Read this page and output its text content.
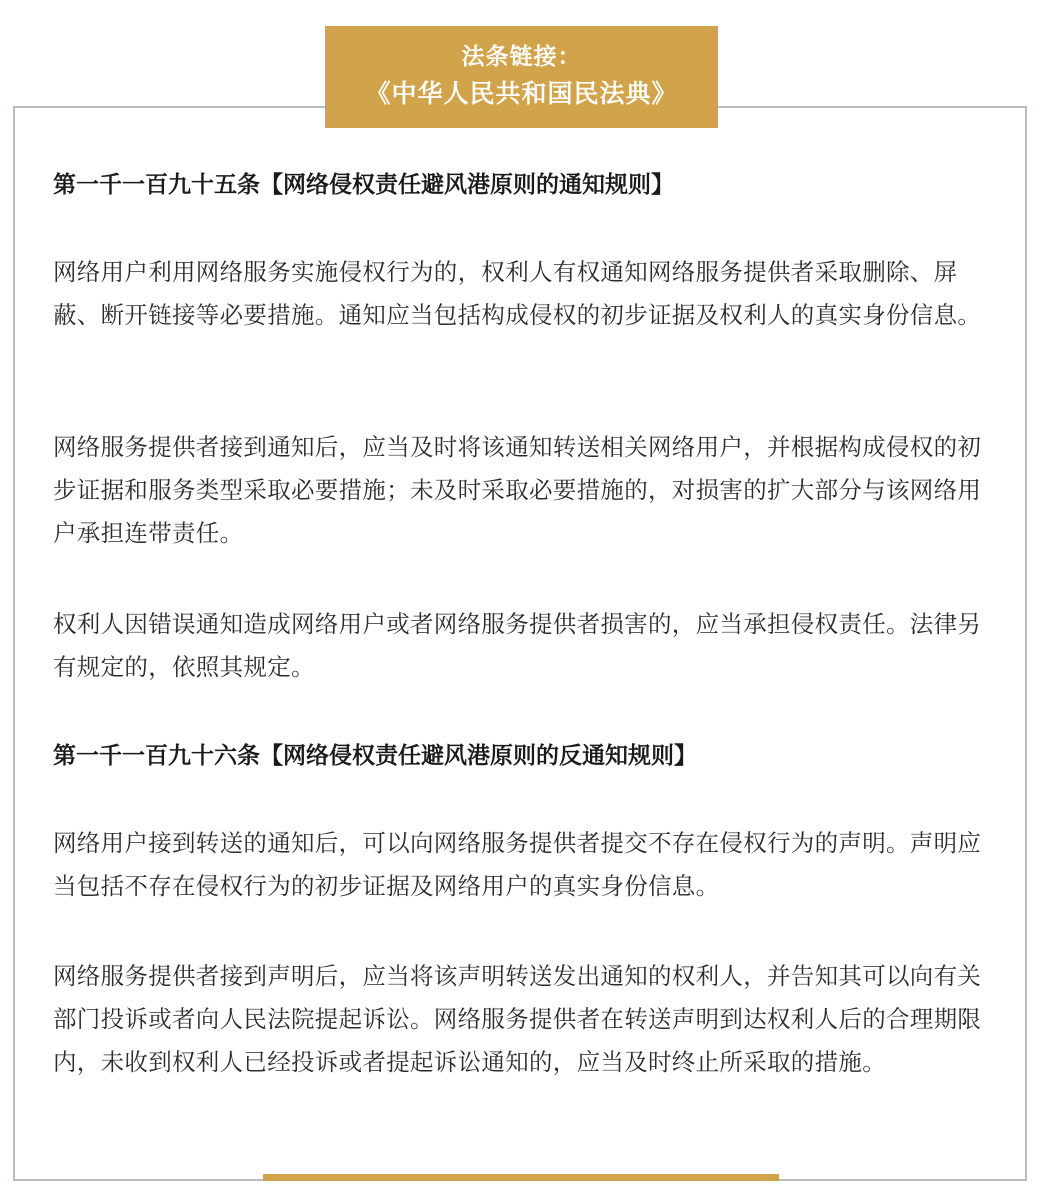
法条链接：
《中华人民共和国民法典》
第一千一百九十五条【网络侵权责任避风港原则的通知规则】
网络用户利用网络服务实施侵权行为的，权利人有权通知网络服务提供者采取删除、屏蔽、断开链接等必要措施。通知应当包括构成侵权的初步证据及权利人的真实身份信息。
网络服务提供者接到通知后，应当及时将该通知转送相关网络用户，并根据构成侵权的初步证据和服务类型采取必要措施；未及时采取必要措施的，对损害的扩大部分与该网络用户承担连带责任。
权利人因错误通知造成网络用户或者网络服务提供者损害的，应当承担侵权责任。法律另有规定的，依照其规定。
第一千一百九十六条【网络侵权责任避风港原则的反通知规则】
网络用户接到转送的通知后，可以向网络服务提供者提交不存在侵权行为的声明。声明应当包括不存在侵权行为的初步证据及网络用户的真实身份信息。
网络服务提供者接到声明后，应当将该声明转送发出通知的权利人，并告知其可以向有关部门投诉或者向人民法院提起诉讼。网络服务提供者在转送声明到达权利人后的合理期限内，未收到权利人已经投诉或者提起诉讼通知的，应当及时终止所采取的措施。
